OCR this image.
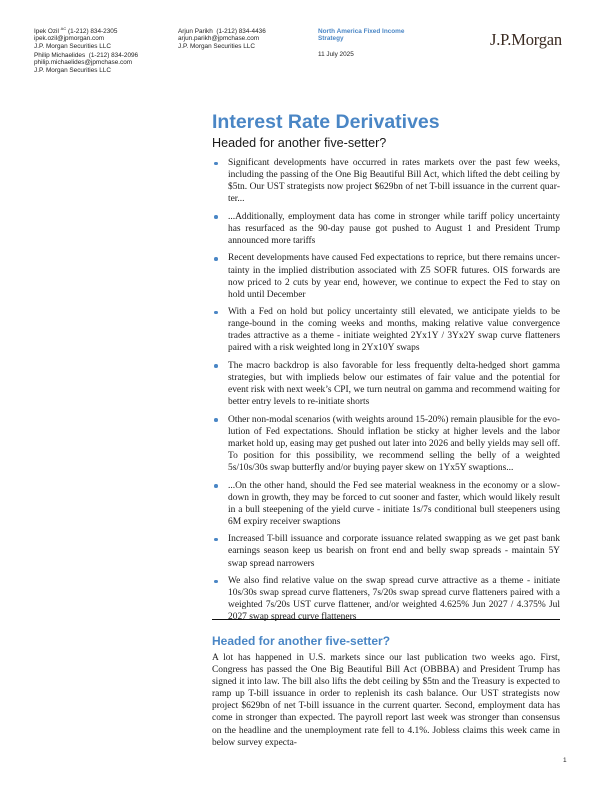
Ipek Ozil $^{AC}$ (1-212) 834-2305
ipek.ozil@jpmorgan.com
J.P. Morgan Securities LLC
Philip Michaelides (1-212) 834-2096
philip.michaelides@jpmchase.com
J.P. Morgan Securities LLC
Arjun Parikh (1-212) 834-4436
arjun.parikh@jpmchase.com
J.P. Morgan Securities LLC
North America Fixed Income
Strategy
11 July 2025
J.P.Morgan
Interest Rate Derivatives
Headed for another five-setter?
Significant developments have occurred in rates markets over the past few weeks, including the passing of the One Big Beautiful Bill Act, which lifted the debt ceiling by $5tn. Our UST strategists now project $629bn of net T-bill issuance in the current quarter...
...Additionally, employment data has come in stronger while tariff policy uncertainty has resurfaced as the 90-day pause got pushed to August 1 and President Trump announced more tariffs
Recent developments have caused Fed expectations to reprice, but there remains uncertainty in the implied distribution associated with Z5 SOFR futures. OIS forwards are now priced to 2 cuts by year end, however, we continue to expect the Fed to stay on hold until December
With a Fed on hold but policy uncertainty still elevated, we anticipate yields to be range-bound in the coming weeks and months, making relative value convergence trades attractive as a theme - initiate weighted 2Yx1Y / 3Yx2Y swap curve flatteners paired with a risk weighted long in 2Yx10Y swaps
The macro backdrop is also favorable for less frequently delta-hedged short gamma strategies, but with implieds below our estimates of fair value and the potential for event risk with next week’s CPI, we turn neutral on gamma and recommend waiting for better entry levels to re-initiate shorts
Other non-modal scenarios (with weights around 15-20%) remain plausible for the evolution of Fed expectations. Should inflation be sticky at higher levels and the labor market hold up, easing may get pushed out later into 2026 and belly yields may sell off. To position for this possibility, we recommend selling the belly of a weighted 5s/10s/30s swap butterfly and/or buying payer skew on 1Yx5Y swaptions...
...On the other hand, should the Fed see material weakness in the economy or a slowdown in growth, they may be forced to cut sooner and faster, which would likely result in a bull steepening of the yield curve - initiate 1s/7s conditional bull steepeners using 6M expiry receiver swaptions
Increased T-bill issuance and corporate issuance related swapping as we get past bank earnings season keep us bearish on front end and belly swap spreads - maintain 5Y swap spread narrowers
We also find relative value on the swap spread curve attractive as a theme - initiate 10s/30s swap spread curve flatteners, 7s/20s swap spread curve flatteners paired with a weighted 7s/20s UST curve flattener, and/or weighted 4.625% Jun 2027 / 4.375% Jul 2027 swap spread curve flatteners
Headed for another five-setter?
A lot has happened in U.S. markets since our last publication two weeks ago. First, Congress has passed the One Big Beautiful Bill Act (OBBBA) and President Trump has signed it into law. The bill also lifts the debt ceiling by $5tn and the Treasury is expected to ramp up T-bill issuance in order to replenish its cash balance. Our UST strategists now project $629bn of net T-bill issuance in the current quarter. Second, employment data has come in stronger than expected. The payroll report last week was stronger than consensus on the headline and the unemployment rate fell to 4.1%. Jobless claims this week came in below survey expecta-
1
